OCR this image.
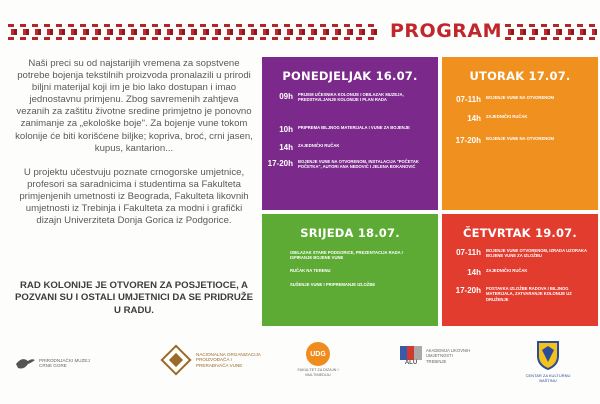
PROGRAM

Naši preci su od najstarijih vremena za sopstvene potrebe bojenja tekstilnih proizvoda pronalazili u prirodi biljni materijal koji im je bio lako dostupan i imao jednostavnu primjenu. Zbog savremenih zahtjeva vezanih za zaštitu životne sredine primjetno je ponovno zanimanje za „ekološke boje". Za bojenje vune tokom kolonije će biti korišćene biljke; kopriva, broć, crni jasen, kupus, kantarion...

U projektu učestvuju poznate crnogorske umjetnice, profesori sa saradnicima i studentima sa Fakulteta primjenjenih umetnosti iz Beograda, Fakulteta likovnih umjetnosti iz Trebinja i Fakulteta za modni i grafički dizajn Univerziteta Donja Gorica iz Podgorice.

RAD KOLONIJE JE OTVOREN ZA POSJETIOCE, A POZVANI SU I OSTALI UMJETNICI DA SE PRIDRUŽE U RADU.
PONEDJELJAK 16.07.
09h	PRIJEM UČESNIKA KOLONIJE I OBILAZAK MUZEJA, PREDSTAVLJANJE KOLONIJE I PLAN RADA
10h	PRIPREMA BILJNOG MATERIJALA I VUNE ZA BOJENJE
14h	ZAJEDNIČKI RUČAK
17-20h	BOJENJE VUNE NA OTVORENOM, INSTALACIJA "POČETAK POČETKA", AUTORI ANA NEDOVIĆ I JELENA BOKANOVIĆ
UTORAK 17.07.
07-11h	BOJENJE VUNE NA OTVORENOM
14h	ZAJEDNIČKI RUČAK
17-20h	BOJENJE VUNE NA OTVORENOM
SRIJEDA 18.07.
OBILAZAK STARE PODGORICE, PREZENTACIJA RADA I ISPIRANJE BOJENE VUNE
RUČAK NA TERENU
SUŠENJE VUNE I PRIPREMANJE IZLOŽBE
ČETVRTAK 19.07.
07-11h	BOJENJE VUNE OTVORENOM, IZRADA UZORAKA BOJENE VUNE ZA IZLOŽBU
14h	ZAJEDNIČKI RUČAK
17-20h	POSTAVKA IZLOŽBE RADOVA I BILJNOG MATERIJALA, ZATVARANJE KOLONIJE UZ DRUŽENJE
PRIRODNJAČKI MUZEJ CRNE GORE
NACIONALNA ORGANIZACIJA PROIZVOĐAČA I PRERAĐIVAČA VUNE
UDG
FAKULTET ZA DIZAJN I MULTIMEDIJU
ALU
AKADEMIJA LIKOVNIH UMJETNOSTI TREBINJE
CENTAR ZA KULTURNU BAŠTINU
